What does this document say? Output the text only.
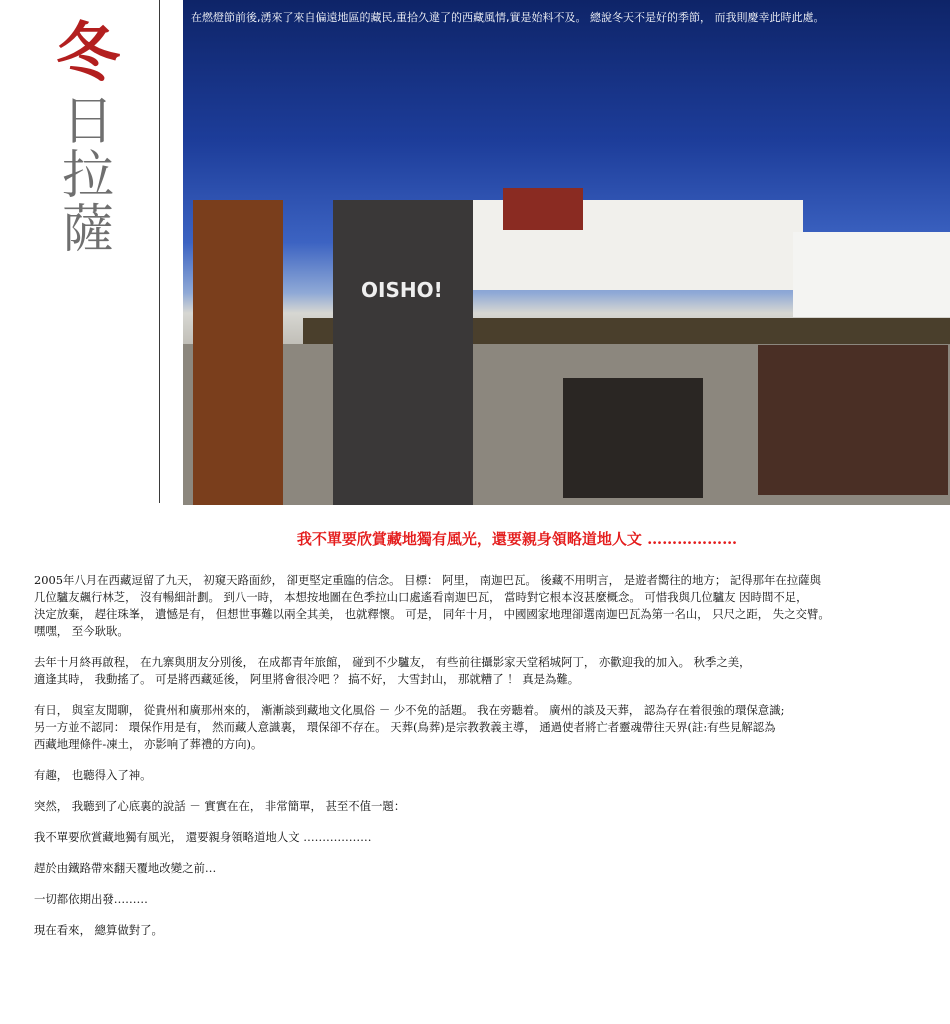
冬
日
拉
薩
OISHO!
在燃燈節前後,湧來了來自偏遠地區的藏民,重拾久違了的西藏風情,實是始料不及。 總說冬天不是好的季節， 而我則慶幸此時此處。
我不單要欣賞藏地獨有風光，還要親身領略道地人文 ………………

2005年八月在西藏逗留了九天， 初窺天路面紗， 卻更堅定重臨的信念。 目標： 阿里， 南迦巴瓦。 後藏不用明言， 是遊者嚮往的地方； 記得那年在拉薩與
几位驢友飆行林芝， 沒有暢細計劃。 到八一時， 本想按地圖在色季拉山口處遙看南迦巴瓦， 當時對它根本沒甚麼概念。 可惜我與几位驢友 因時間不足，
決定放棄， 趕往珠峯， 遺憾是有， 但想世事難以兩全其美， 也就釋懷。 可是， 同年十月， 中國國家地理卻選南迦巴瓦為第一名山， 只尺之距， 失之交臂。
嘿嘿， 至今耿耿。

去年十月終再啟程， 在九寨與朋友分別後， 在成都青年旅館， 碰到不少驢友， 有些前往攝影家天堂稻城阿丁， 亦歡迎我的加入。 秋季之美，
適逢其時， 我動搖了。 可是將西藏延後， 阿里將會很冷吧 ？ 搞不好， 大雪封山， 那就糟了 ！ 真是為難。

有日， 與室友閒聊， 從貴州和廣那州來的， 漸漸談到藏地文化風俗 － 少不免的話題。 我在旁聽着。 廣州的談及天葬， 認為存在着很強的環保意識;
另一方並不認同： 環保作用是有， 然而藏人意識裏， 環保卻不存在。 天葬(鳥葬)是宗教教義主導， 通過使者將亡者靈魂帶往天界(註:有些見解認為
西藏地理條件-凍土， 亦影响了葬禮的方向)。

有趣， 也聽得入了神。

突然， 我聽到了心底裏的說話 － 實實在在， 非常簡單， 甚至不值一題：

我不單要欣賞藏地獨有風光， 還要親身領略道地人文 ………………

趕於由鐵路帶來翻天覆地改變之前…

一切都依期出發………

現在看來， 總算做對了。
